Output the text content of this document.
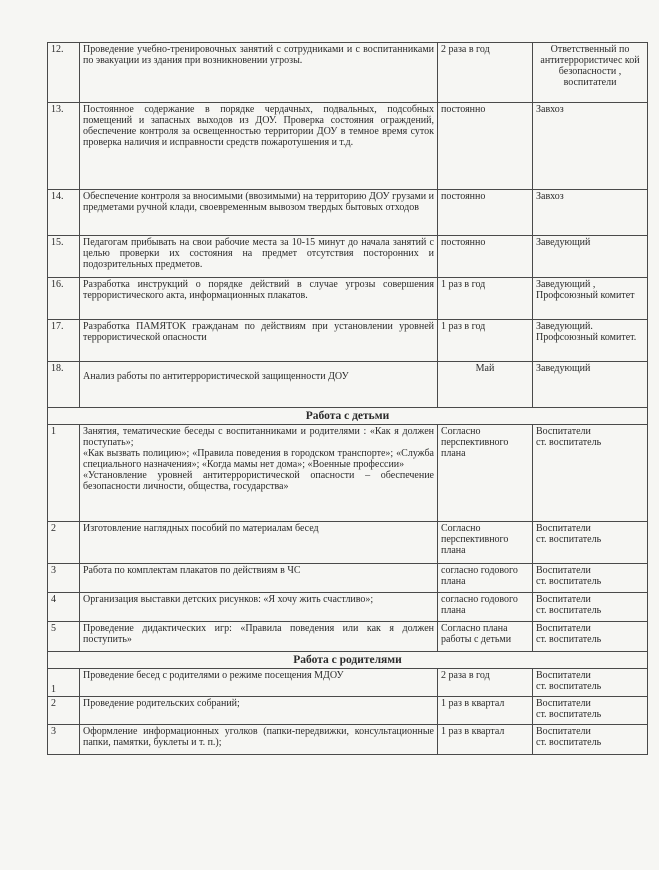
12.	Проведение учебно-тренировочных занятий с сотрудниками и с воспитанниками по эвакуации из здания при возникновении угрозы.	2 раза в год	Ответственный по антитеррористичес кой безопасности ,
воспитатели

13.	Постоянное содержание в порядке чердачных, подвальных, подсобных помещений и запасных выходов из ДОУ. Проверка состояния ограждений, обеспечение контроля за освещенностью территории ДОУ в темное время суток проверка наличия и исправности средств пожаротушения и т.д.	постоянно	Завхоз

14.	Обеспечение контроля за вносимыми (ввозимыми) на территорию ДОУ грузами и предметами ручной клади, своевременным вывозом твердых бытовых отходов	постоянно	Завхоз

15.	Педагогам прибывать на свои рабочие места за 10-15 минут до начала занятий с целью проверки их состояния на предмет отсутствия посторонних и подозрительных предметов.	постоянно	Заведующий

16.	Разработка инструкций о порядке действий в случае угрозы совершения террористического акта, информационных плакатов.	1 раз в год	Заведующий ,
Профсоюзный комитет

17.	Разработка ПАМЯТОК гражданам по действиям при установлении уровней террористической опасности	1 раз в год	Заведующий.
Профсоюзный комитет.

18.	Анализ работы по антитеррористической защищенности ДОУ	Май	Заведующий

Работа с детьми			
1	Занятия, тематические беседы с воспитанниками и родителями : «Как я должен поступать»;
«Как вызвать полицию»; «Правила поведения в городском транспорте»; «Служба специального назначения»; «Когда мамы нет дома»; «Военные профессии»
«Установление уровней антитеррористической опасности – обеспечение безопасности личности, общества, государства»	Согласно перспективного плана	Воспитатели
ст. воспитатель

2	Изготовление наглядных пособий по материалам бесед	Согласно перспективного плана	Воспитатели
ст. воспитатель

3	Работа по комплектам плакатов по действиям в ЧС	согласно годового плана	Воспитатели
ст. воспитатель

4	Организация выставки детских рисунков: «Я хочу жить счастливо»;	согласно годового плана	Воспитатели
ст. воспитатель

5	Проведение дидактических игр: «Правила поведения или как я должен поступить»	Согласно плана работы с детьми	Воспитатели
ст. воспитатель

Работа с родителями			
1	Проведение бесед с родителями о режиме посещения МДОУ	2 раза в год	Воспитатели
ст. воспитатель

2	Проведение родительских собраний;	1 раз в квартал	Воспитатели
ст. воспитатель

3	Оформление информационных уголков (папки-передвижки, консультационные папки, памятки, буклеты и т. п.);	1 раз в квартал	Воспитатели
ст. воспитатель
